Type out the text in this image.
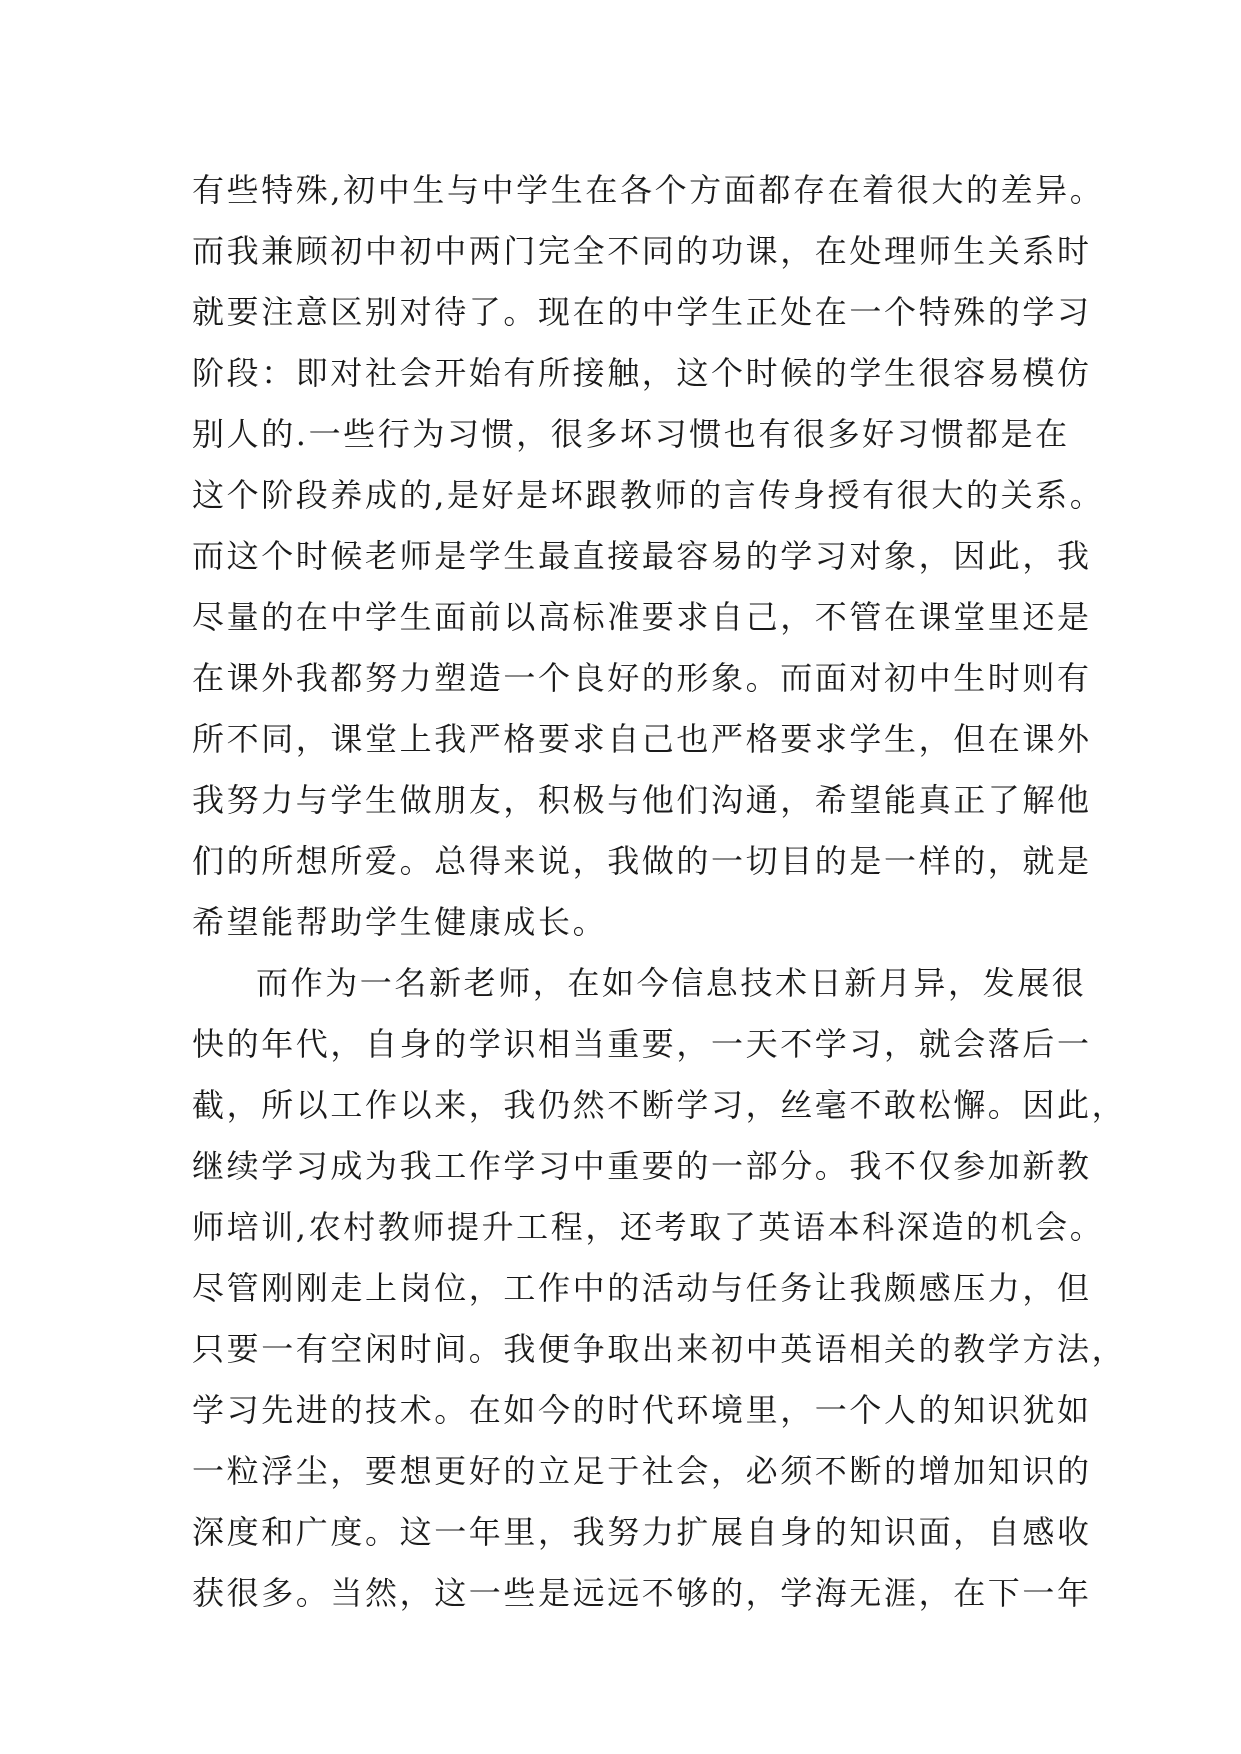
有些特殊,初中生与中学生在各个方面都存在着很大的差异。
而我兼顾初中初中两门完全不同的功课，在处理师生关系时
就要注意区别对待了。现在的中学生正处在一个特殊的学习
阶段：即对社会开始有所接触，这个时候的学生很容易模仿
别人的.一些行为习惯，很多坏习惯也有很多好习惯都是在
这个阶段养成的,是好是坏跟教师的言传身授有很大的关系。
而这个时候老师是学生最直接最容易的学习对象，因此，我
尽量的在中学生面前以高标准要求自己，不管在课堂里还是
在课外我都努力塑造一个良好的形象。而面对初中生时则有
所不同，课堂上我严格要求自己也严格要求学生，但在课外
我努力与学生做朋友，积极与他们沟通，希望能真正了解他
们的所想所爱。总得来说，我做的一切目的是一样的，就是
希望能帮助学生健康成长。
而作为一名新老师，在如今信息技术日新月异，发展很
快的年代，自身的学识相当重要，一天不学习，就会落后一
截，所以工作以来，我仍然不断学习，丝毫不敢松懈。因此，
继续学习成为我工作学习中重要的一部分。我不仅参加新教
师培训,农村教师提升工程，还考取了英语本科深造的机会。
尽管刚刚走上岗位，工作中的活动与任务让我颇感压力，但
只要一有空闲时间。我便争取出来初中英语相关的教学方法，
学习先进的技术。在如今的时代环境里，一个人的知识犹如
一粒浮尘，要想更好的立足于社会，必须不断的增加知识的
深度和广度。这一年里，我努力扩展自身的知识面，自感收
获很多。当然，这一些是远远不够的，学海无涯，在下一年
